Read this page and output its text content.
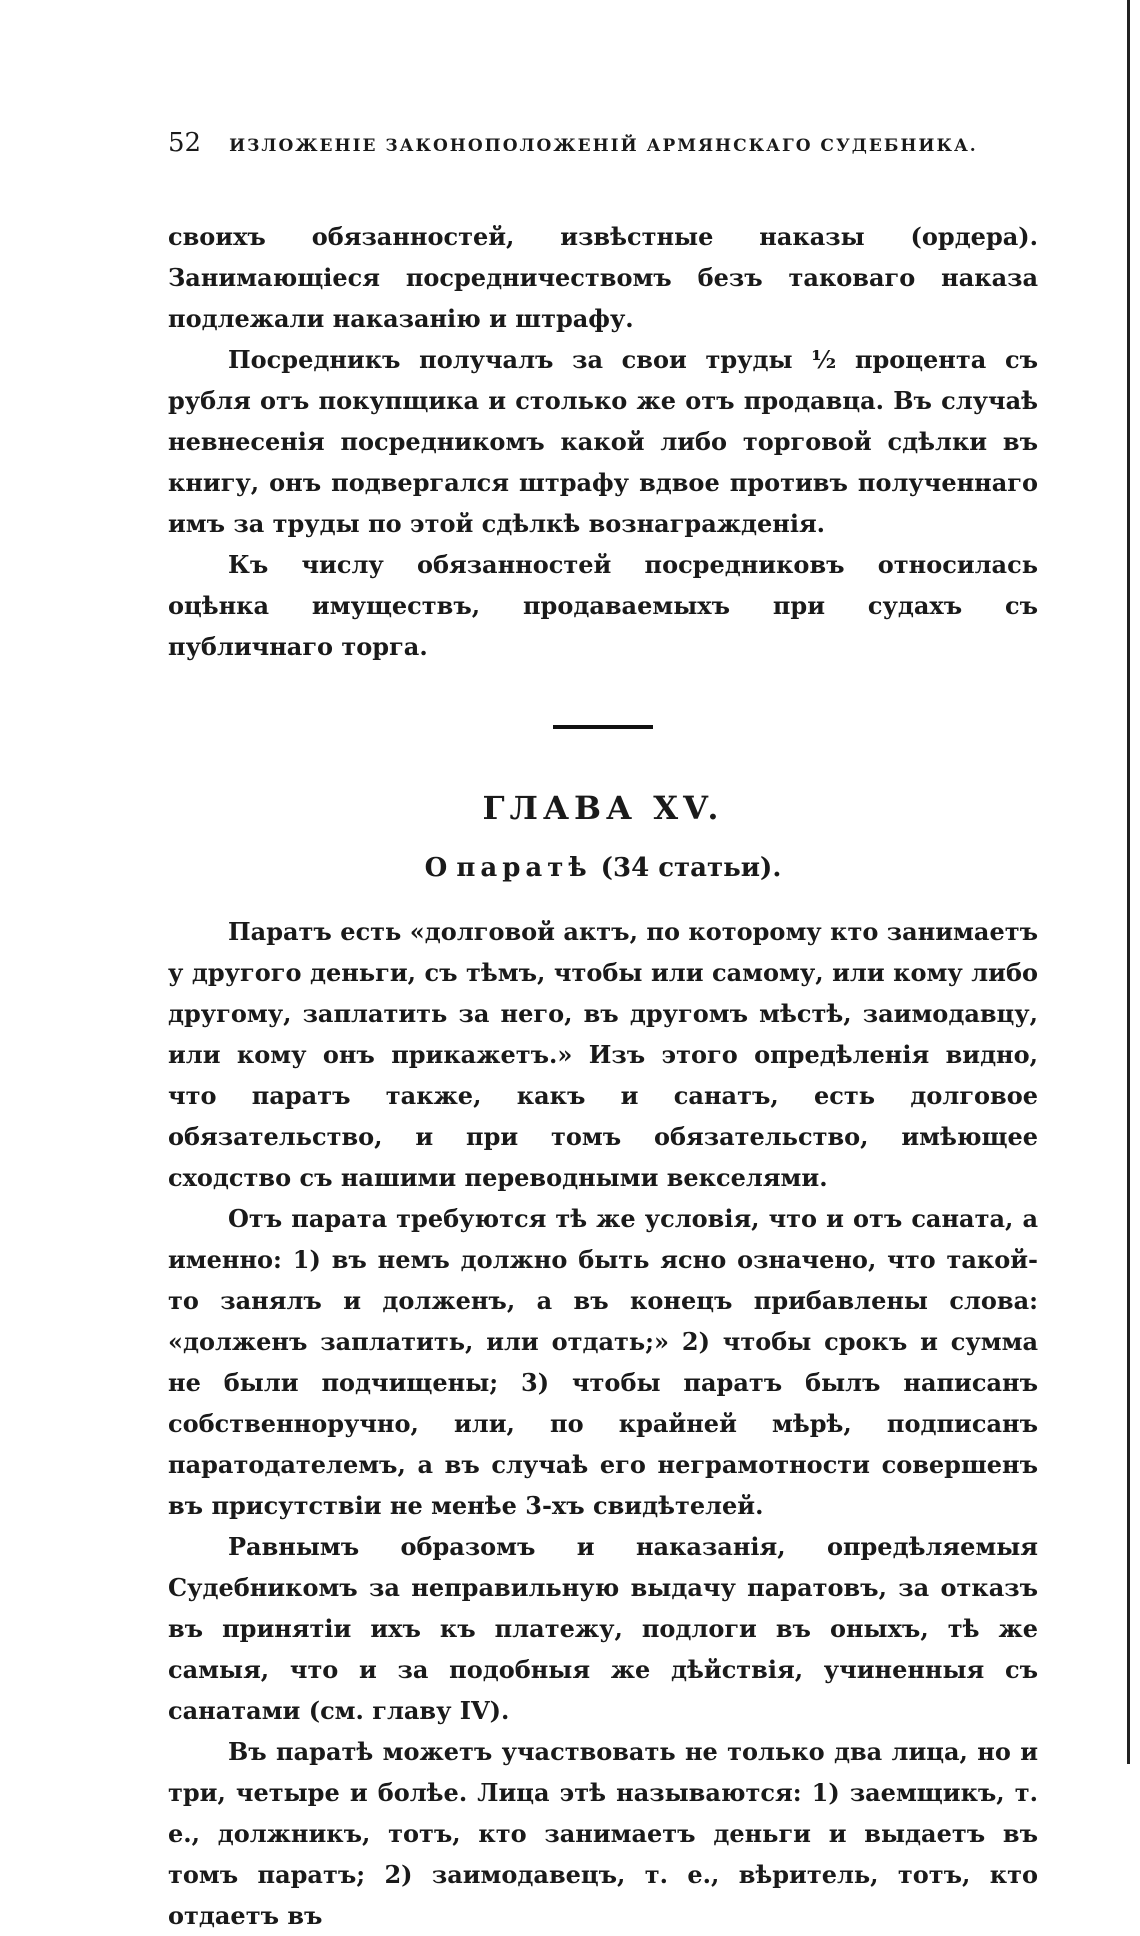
52 ИЗЛОЖЕНІЕ ЗАКОНОПОЛОЖЕНІЙ АРМЯНСКАГО СУДЕБНИКА.

своихъ обязанностей, извѣстные наказы (ордера). Занимающіеся посредничествомъ безъ таковаго наказа подлежали наказанію и штрафу.

Посредникъ получалъ за свои труды ½ процента съ рубля отъ покупщика и столько же отъ продавца. Въ случаѣ невнесенія посредникомъ какой либо торговой сдѣлки въ книгу, онъ подвергался штрафу вдвое противъ полученнаго имъ за труды по этой сдѣлкѣ вознагражденія.

Къ числу обязанностей посредниковъ относилась оцѣнка имуществъ, продаваемыхъ при судахъ съ публичнаго торга.

ГЛАВА XV.
О паратѣ (34 статьи).

Паратъ есть «долговой актъ, по которому кто занимаетъ у другого деньги, съ тѣмъ, чтобы или самому, или кому либо другому, заплатить за него, въ другомъ мѣстѣ, заимодавцу, или кому онъ прикажетъ.» Изъ этого опредѣленія видно, что паратъ также, какъ и санатъ, есть долговое обязательство, и при томъ обязательство, имѣющее сходство съ нашими переводными векселями.

Отъ парата требуются тѣ же условія, что и отъ саната, а именно: 1) въ немъ должно быть ясно означено, что такой-то занялъ и долженъ, а въ конецъ прибавлены слова: «долженъ заплатить, или отдать;» 2) чтобы срокъ и сумма не были подчищены; 3) чтобы паратъ былъ написанъ собственноручно, или, по крайней мѣрѣ, подписанъ паратодателемъ, а въ случаѣ его неграмотности совершенъ въ присутствіи не менѣе 3-хъ свидѣтелей.

Равнымъ образомъ и наказанія, опредѣляемыя Судебникомъ за неправильную выдачу паратовъ, за отказъ въ принятіи ихъ къ платежу, подлоги въ оныхъ, тѣ же самыя, что и за подобныя же дѣйствія, учиненныя съ санатами (см. главу IV).

Въ паратѣ можетъ участвовать не только два лица, но и три, четыре и болѣе. Лица этѣ называются: 1) заемщикъ, т. е., должникъ, тотъ, кто занимаетъ деньги и выдаетъ въ томъ паратъ; 2) заимодавецъ, т. е., вѣритель, тотъ, кто отдаетъ въ
